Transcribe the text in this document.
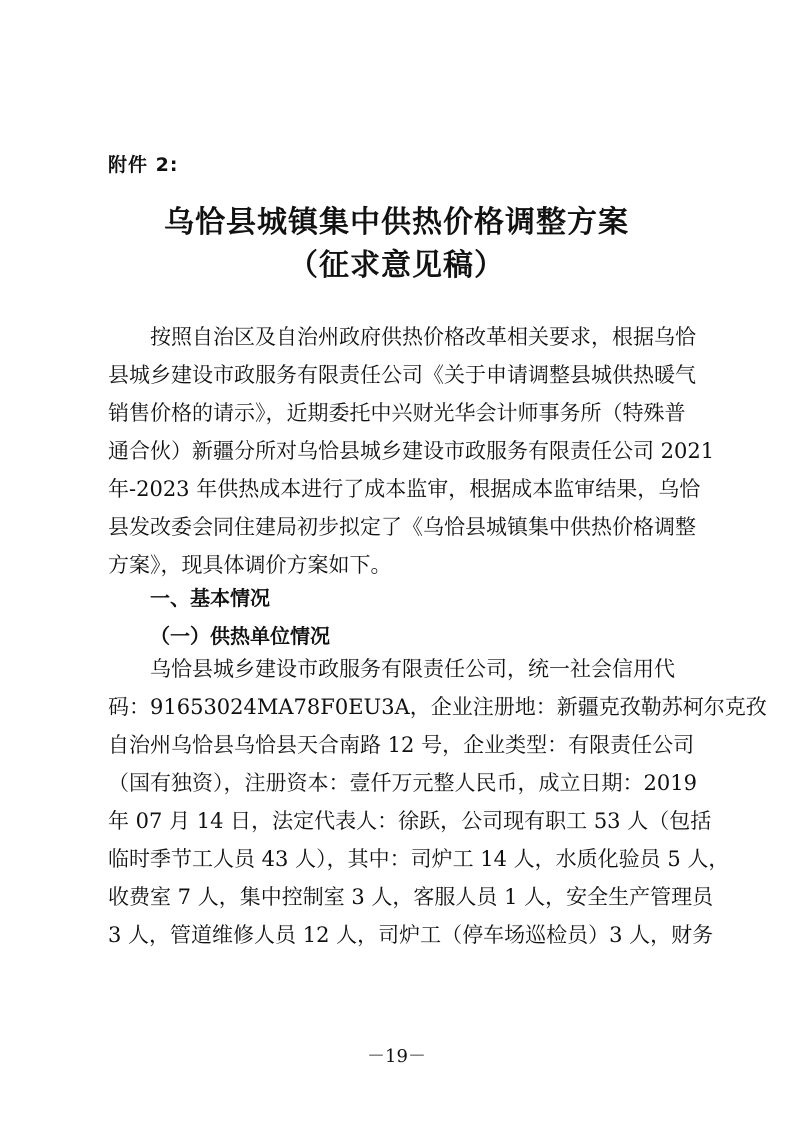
附件 2:
乌恰县城镇集中供热价格调整方案
（征求意见稿）
　　按照自治区及自治州政府供热价格改革相关要求，根据乌恰
县城乡建设市政服务有限责任公司《关于申请调整县城供热暖气
销售价格的请示》，近期委托中兴财光华会计师事务所（特殊普
通合伙）新疆分所对乌恰县城乡建设市政服务有限责任公司 2021
年-2023 年供热成本进行了成本监审，根据成本监审结果，乌恰
县发改委会同住建局初步拟定了《乌恰县城镇集中供热价格调整
方案》，现具体调价方案如下。
一、基本情况
（一）供热单位情况
　　乌恰县城乡建设市政服务有限责任公司，统一社会信用代
码：91653024MA78F0EU3A，企业注册地：新疆克孜勒苏柯尔克孜
自治州乌恰县乌恰县天合南路 12 号，企业类型：有限责任公司
（国有独资），注册资本：壹仟万元整人民币，成立日期：2019
年 07 月 14 日，法定代表人：徐跃，公司现有职工 53 人（包括
临时季节工人员 43 人），其中：司炉工 14 人，水质化验员 5 人，
收费室 7 人，集中控制室 3 人，客服人员 1 人，安全生产管理员
3 人，管道维修人员 12 人，司炉工（停车场巡检员）3 人，财务
－19－
